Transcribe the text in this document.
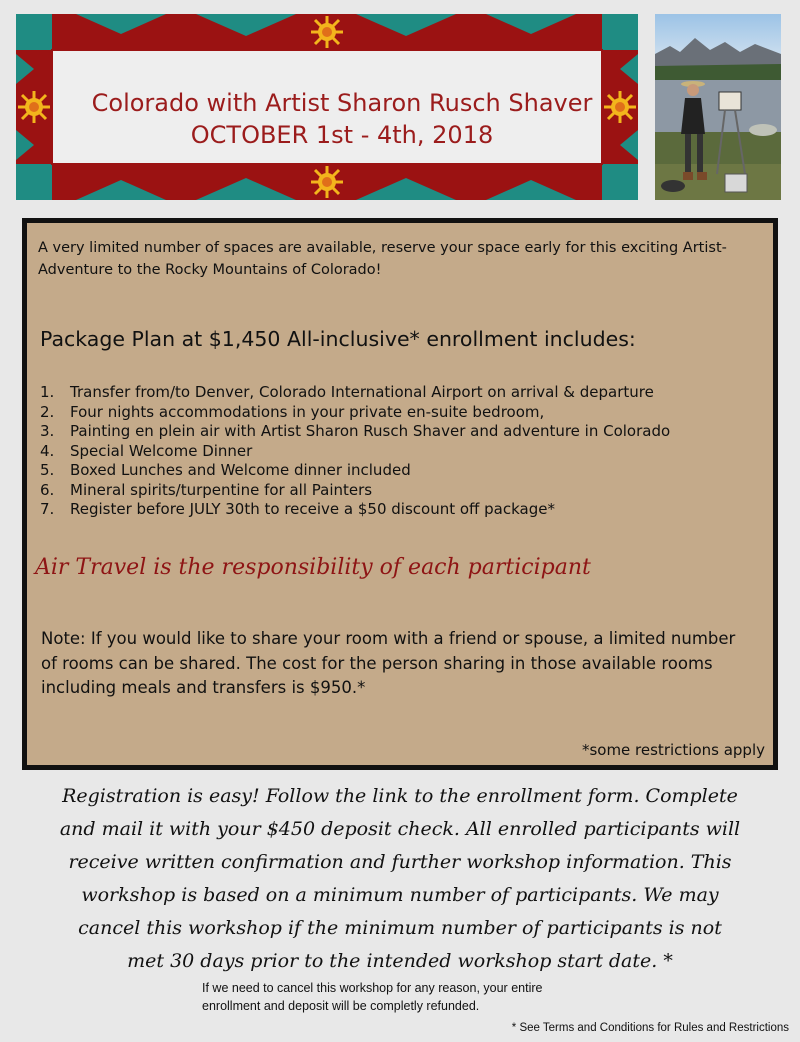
Colorado with Artist Sharon Rusch Shaver
OCTOBER 1st - 4th, 2018
A very limited number of spaces are available, reserve your space early for this exciting Artist-Adventure to the Rocky Mountains of Colorado!
Package Plan at $1,450 All-inclusive* enrollment includes:
1. Transfer from/to Denver, Colorado International Airport on arrival & departure
2. Four nights accommodations in your private en-suite bedroom,
3. Painting en plein air with Artist Sharon Rusch Shaver and adventure in Colorado
4. Special Welcome Dinner
5. Boxed Lunches and Welcome dinner included
6. Mineral spirits/turpentine for all Painters
7. Register before JULY 30th to receive a $50 discount off package*
Air Travel is the responsibility of each participant
Note: If you would like to share your room with a friend or spouse, a limited number of rooms can be shared. The cost for the person sharing in those available rooms including meals and transfers is $950.*
*some restrictions apply
Registration is easy! Follow the link to the enrollment form. Complete
and mail it with your $450 deposit check. All enrolled participants will
receive written confirmation and further workshop information. This
workshop is based on a minimum number of participants. We may
cancel this workshop if the minimum number of participants is not
met 30 days prior to the intended workshop start date. *
If we need to cancel this workshop for any reason, your entire
enrollment and deposit will be completly refunded.
* See Terms and Conditions for Rules and Restrictions
